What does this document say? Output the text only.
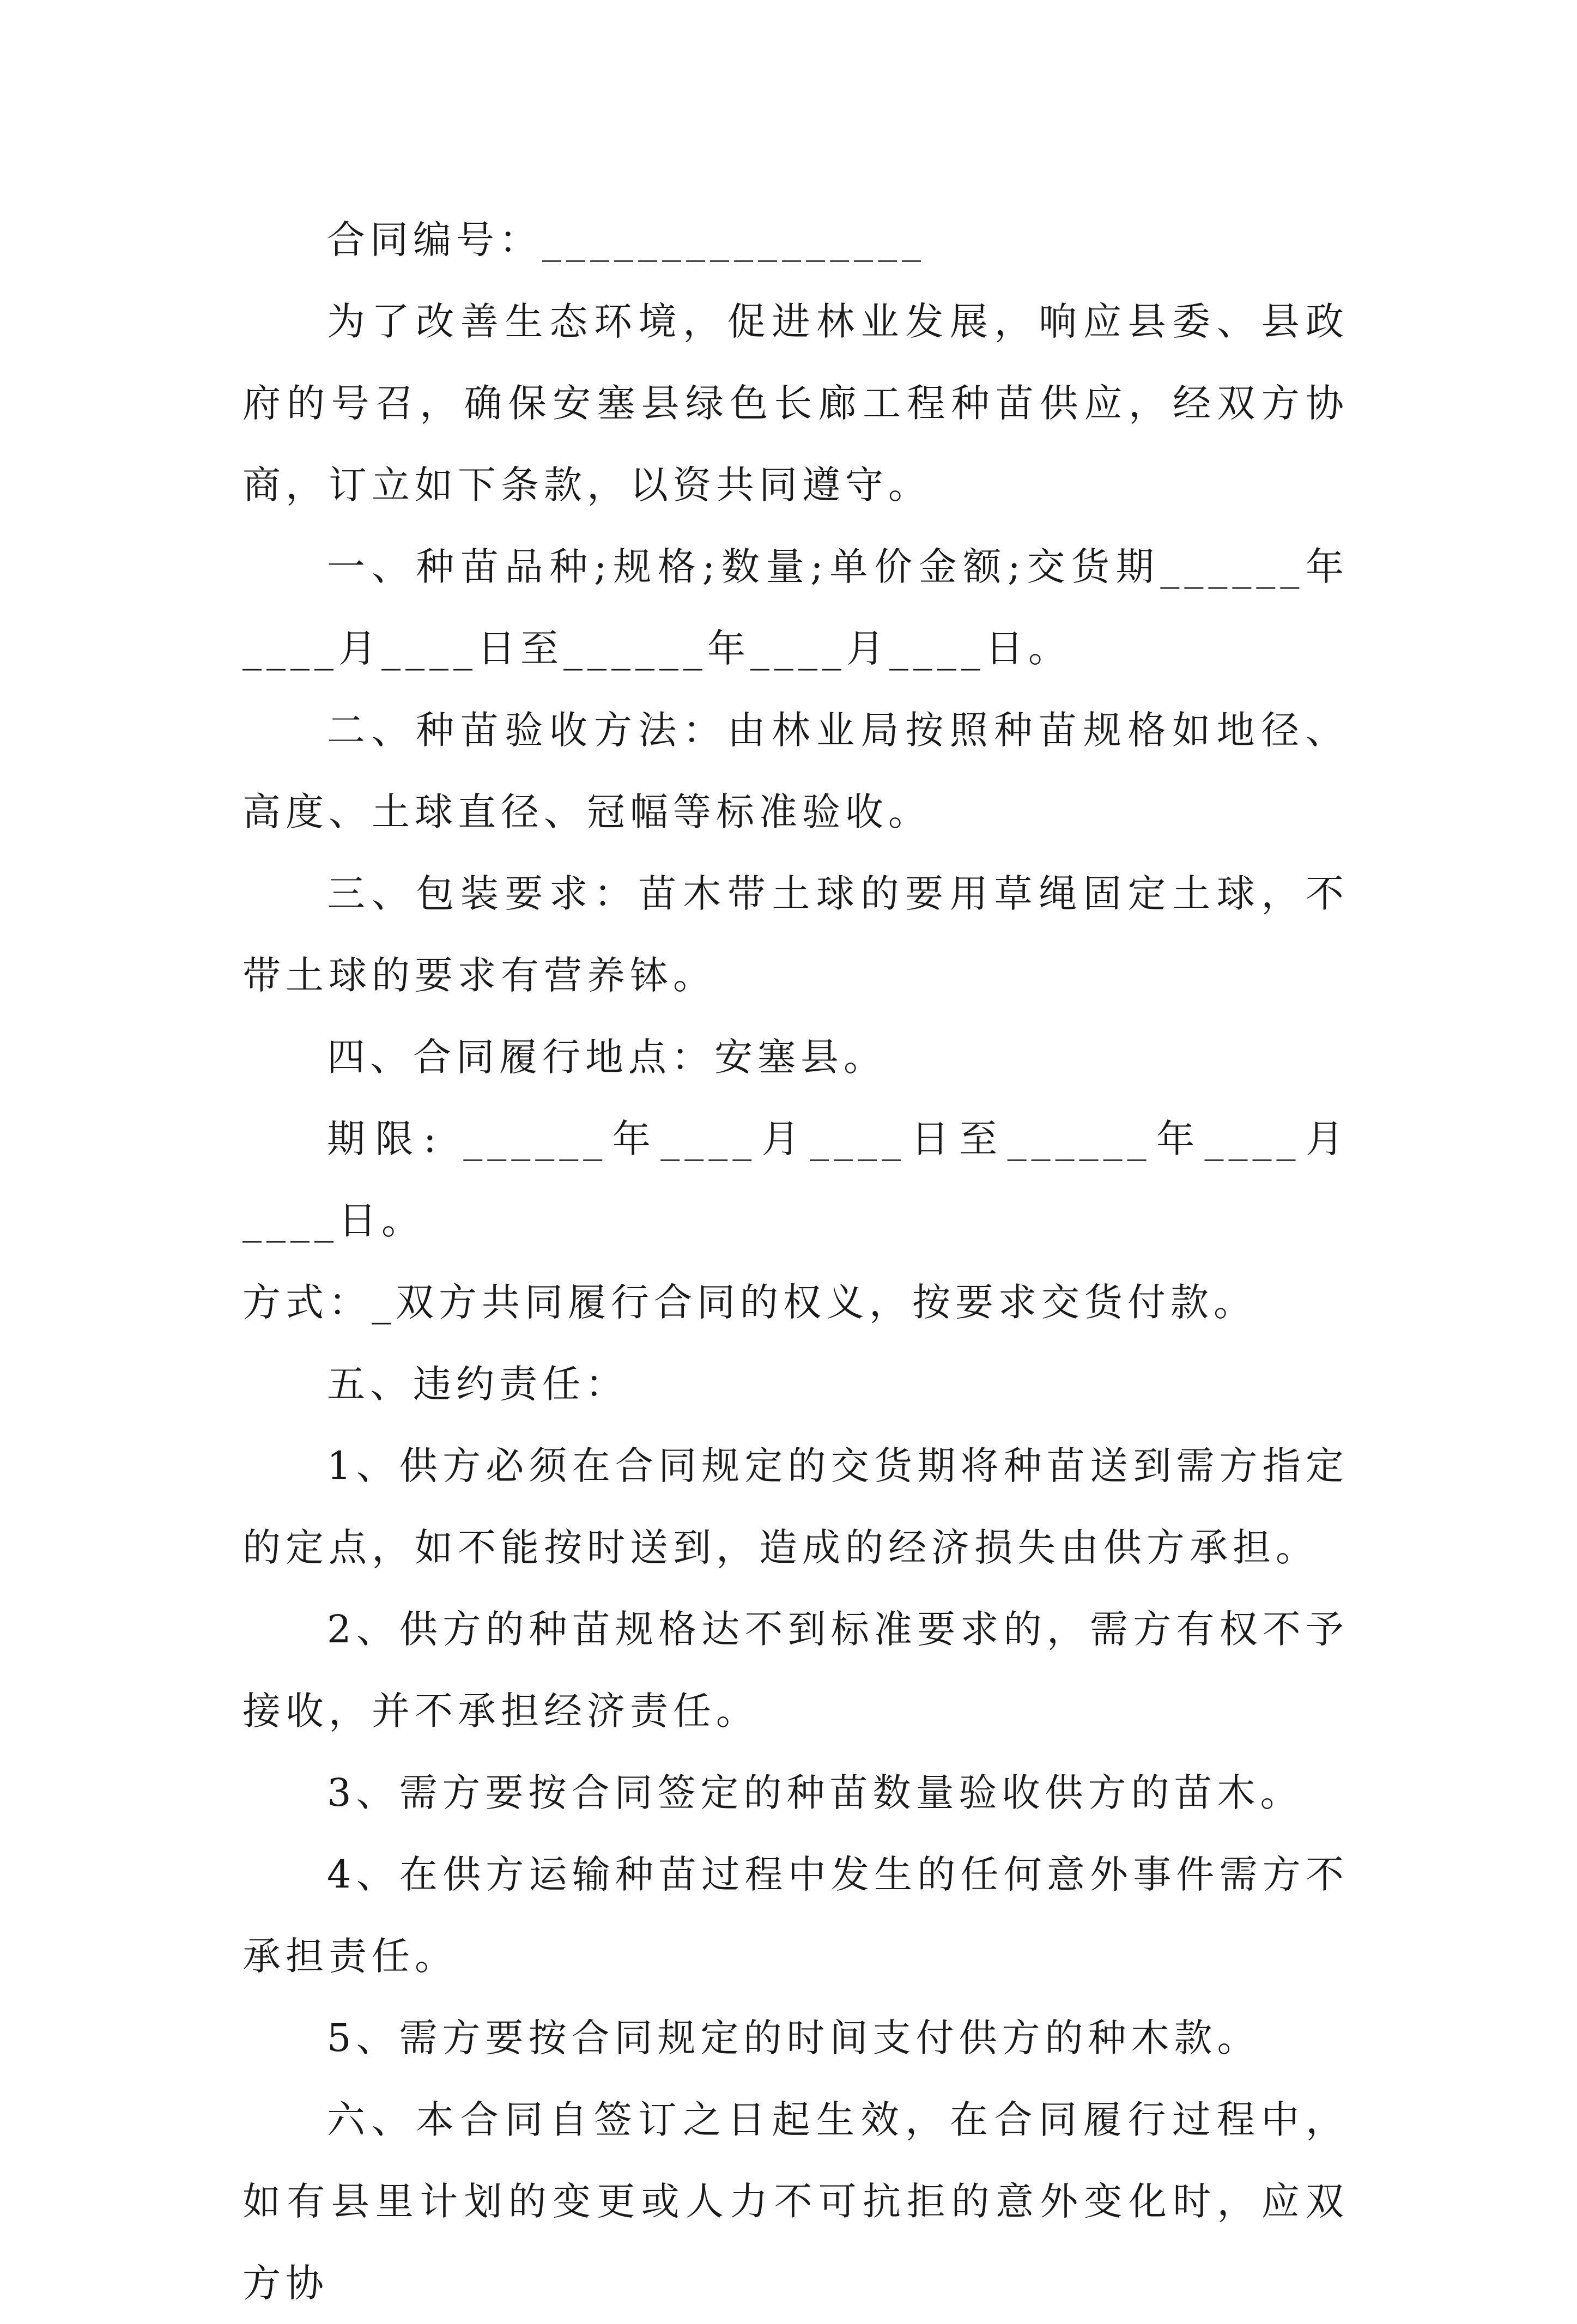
合同编号：________________

为了改善生态环境，促进林业发展，响应县委、县政府的号召，确保安塞县绿色长廊工程种苗供应，经双方协商，订立如下条款，以资共同遵守。

一、种苗品种;规格;数量;单价金额;交货期______年____月____日至______年____月____日。

二、种苗验收方法：由林业局按照种苗规格如地径、高度、土球直径、冠幅等标准验收。

三、包装要求：苗木带土球的要用草绳固定土球，不带土球的要求有营养钵。

四、合同履行地点：安塞县。

期限: ______年____月____日至______年____月____日。

方式：_双方共同履行合同的权义，按要求交货付款。

五、违约责任：

1、供方必须在合同规定的交货期将种苗送到需方指定的定点，如不能按时送到，造成的经济损失由供方承担。

2、供方的种苗规格达不到标准要求的，需方有权不予接收，并不承担经济责任。

3、需方要按合同签定的种苗数量验收供方的苗木。

4、在供方运输种苗过程中发生的任何意外事件需方不承担责任。

5、需方要按合同规定的时间支付供方的种木款。

六、本合同自签订之日起生效，在合同履行过程中，如有县里计划的变更或人力不可抗拒的意外变化时，应双方协
